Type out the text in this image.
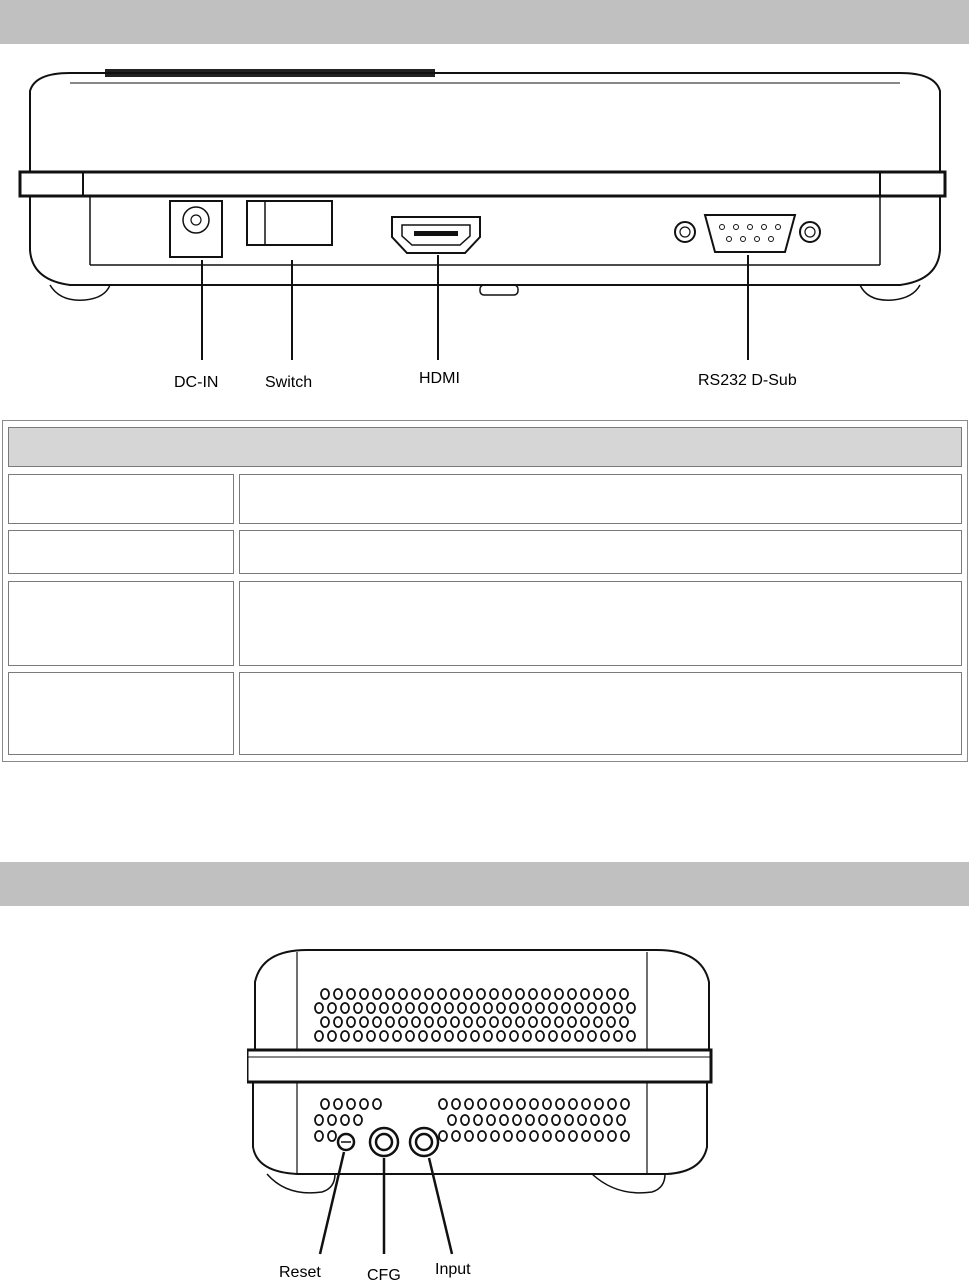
DC-IN	Switch	HDMI	RS232 D-Sub
Reset	CFG Input
